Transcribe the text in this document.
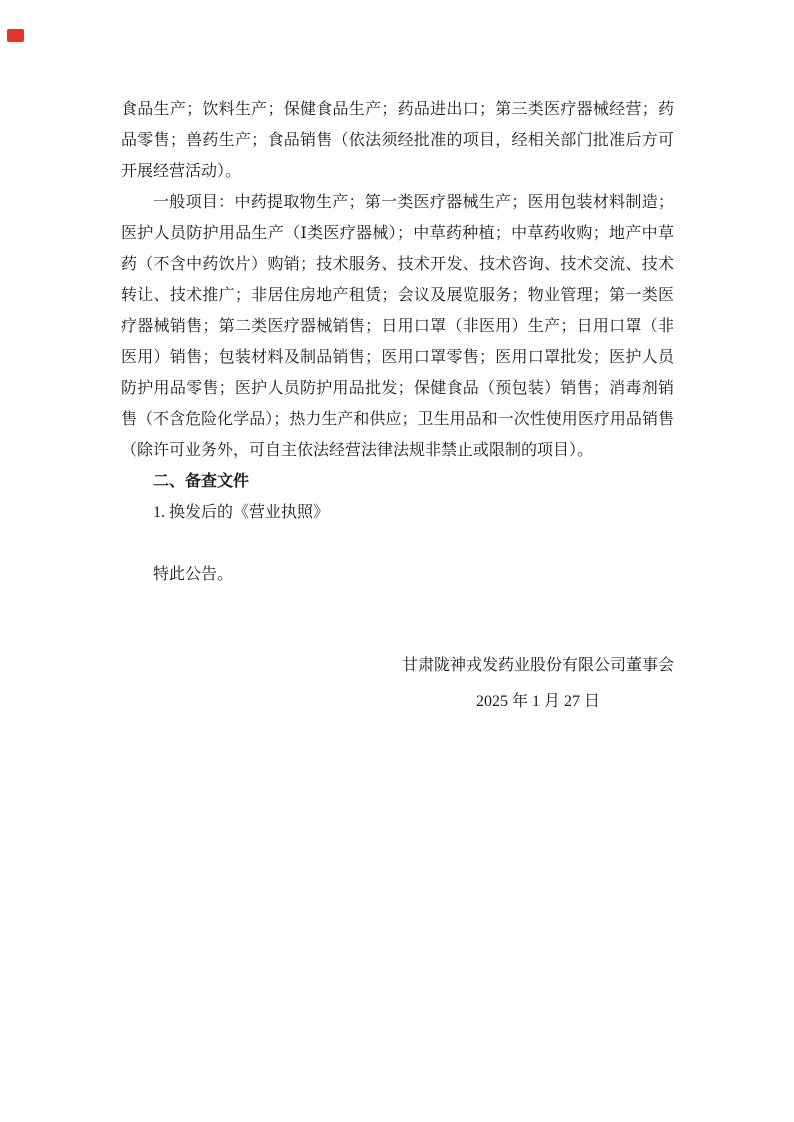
食品生产；饮料生产；保健食品生产；药品进出口；第三类医疗器械经营；药品零售；兽药生产；食品销售（依法须经批准的项目，经相关部门批准后方可开展经营活动）。

一般项目：中药提取物生产；第一类医疗器械生产；医用包装材料制造；医护人员防护用品生产（Ⅰ类医疗器械）；中草药种植；中草药收购；地产中草药（不含中药饮片）购销；技术服务、技术开发、技术咨询、技术交流、技术转让、技术推广；非居住房地产租赁；会议及展览服务；物业管理；第一类医疗器械销售；第二类医疗器械销售；日用口罩（非医用）生产；日用口罩（非医用）销售；包装材料及制品销售；医用口罩零售；医用口罩批发；医护人员防护用品零售；医护人员防护用品批发；保健食品（预包装）销售；消毒剂销售（不含危险化学品）；热力生产和供应；卫生用品和一次性使用医疗用品销售（除许可业务外，可自主依法经营法律法规非禁止或限制的项目）。

二、备查文件

1. 换发后的《营业执照》

特此公告。

甘肃陇神戎发药业股份有限公司董事会
2025 年 1 月 27 日
